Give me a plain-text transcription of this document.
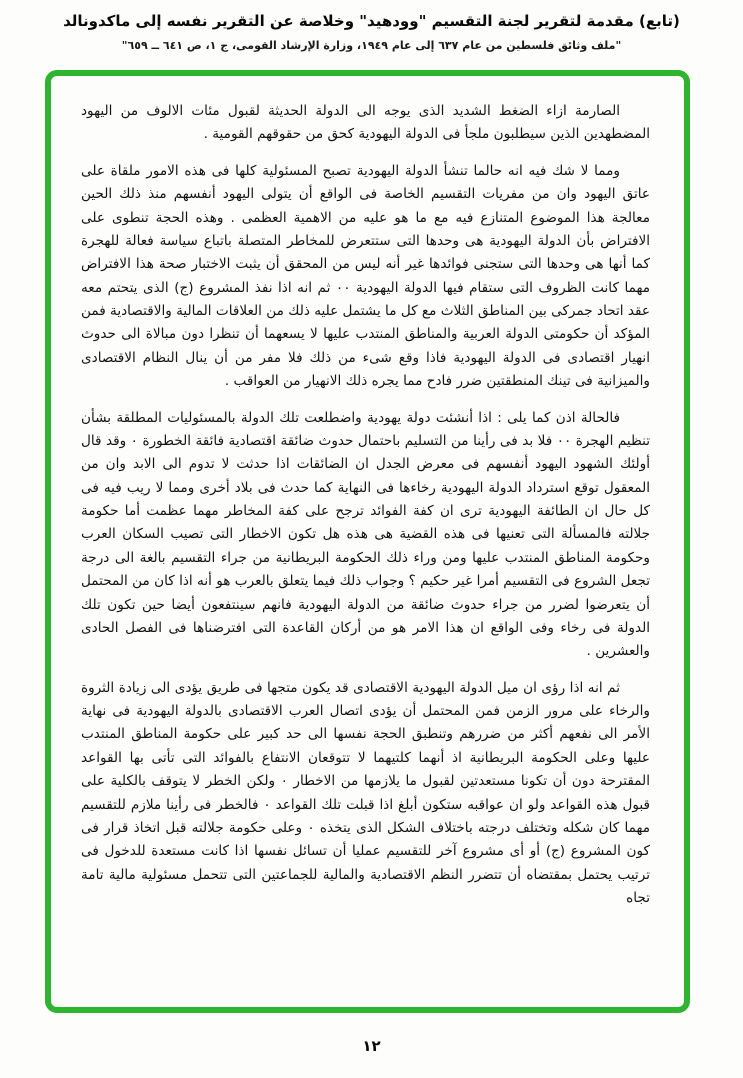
(تابع) مقدمة لتقرير لجنة التقسيم "وودهيد" وخلاصة عن التقرير نفسه إلى ماكدونالد
"ملف وثائق فلسطين من عام ٦٣٧ إلى عام ١٩٤٩، وزارة الإرشاد القومى، ج ١، ص ٦٤١ ــ ٦٥٩"

الصارمة ازاء الضغط الشديد الذى يوجه الى الدولة الحديثة لقبول مئات الالوف من اليهود المضطهدين الذين سيطلبون ملجأ فى الدولة اليهودية كحق من حقوقهم القومية .

ومما لا شك فيه انه حالما تنشأ الدولة اليهودية تصبح المسئولية كلها فى هذه الامور ملقاة على عاتق اليهود وان من مفريات التقسيم الخاصة فى الواقع أن يتولى اليهود أنفسهم منذ ذلك الحين معالجة هذا الموضوع المتنازع فيه مع ما هو عليه من الاهمية العظمى . وهذه الحجة تنطوى على الافتراض بأن الدولة اليهودية هى وحدها التى ستتعرض للمخاطر المتصلة باتباع سياسة فعالة للهجرة كما أنها هى وحدها التى ستجنى فوائدها غير أنه ليس من المحقق أن يثبت الاختبار صحة هذا الافتراض مهما كانت الظروف التى ستقام فيها الدولة اليهودية ٠٠ ثم انه اذا نفذ المشروع (ج) الذى يتحتم معه عقد اتحاد جمركى بين المناطق الثلاث مع كل ما يشتمل عليه ذلك من العلاقات المالية والاقتصادية فمن المؤكد أن حكومتى الدولة العربية والمناطق المنتدب عليها لا يسعهما أن تنظرا دون مبالاة الى حدوث انهيار اقتصادى فى الدولة اليهودية فاذا وقع شىء من ذلك فلا مفر من أن ينال النظام الاقتصادى والميزانية فى تينك المنطقتين ضرر فادح مما يجره ذلك الانهيار من العواقب .

فالحالة اذن كما يلى : اذا أنشئت دولة يهودية واضطلعت تلك الدولة بالمسئوليات المطلقة بشأن تنظيم الهجرة ٠٠ فلا بد فى رأينا من التسليم باحتمال حدوث ضائقة اقتصادية فائقة الخطورة ٠ وقد قال أولئك الشهود اليهود أنفسهم فى معرض الجدل ان الضائقات اذا حدثت لا تدوم الى الابد وان من المعقول توقع استرداد الدولة اليهودية رخاءها فى النهاية كما حدث فى بلاد أخرى ومما لا ريب فيه فى كل حال ان الطائفة اليهودية ترى ان كفة الفوائد ترجح على كفة المخاطر مهما عظمت أما حكومة جلالته فالمسألة التى تعنيها فى هذه القضية هى هذه هل تكون الاخطار التى تصيب السكان العرب وحكومة المناطق المنتدب عليها ومن وراء ذلك الحكومة البريطانية من جراء التقسيم بالغة الى درجة تجعل الشروع فى التقسيم أمرا غير حكيم ؟ وجواب ذلك فيما يتعلق بالعرب هو أنه اذا كان من المحتمل أن يتعرضوا لضرر من جراء حدوث ضائقة من الدولة اليهودية فانهم سينتفعون أيضا حين تكون تلك الدولة فى رخاء وفى الواقع ان هذا الامر هو من أركان القاعدة التى افترضناها فى الفصل الحادى والعشرين .

ثم انه اذا رؤى ان ميل الدولة اليهودية الاقتصادى قد يكون متجها فى طريق يؤدى الى زيادة الثروة والرخاء على مرور الزمن فمن المحتمل أن يؤدى اتصال العرب الاقتصادى بالدولة اليهودية فى نهاية الأمر الى نفعهم أكثر من ضررهم وتنطبق الحجة نفسها الى حد كبير على حكومة المناطق المنتدب عليها وعلى الحكومة البريطانية اذ أنهما كلتيهما لا تتوقعان الانتفاع بالفوائد التى تأتى بها القواعد المقترحة دون أن تكونا مستعدتين لقبول ما يلازمها من الاخطار ٠ ولكن الخطر لا يتوقف بالكلية على قبول هذه القواعد ولو ان عواقبه ستكون أبلغ اذا قبلت تلك القواعد ٠ فالخطر فى رأينا ملازم للتقسيم مهما كان شكله وتختلف درجته باختلاف الشكل الذى يتخذه ٠ وعلى حكومة جلالته قبل اتخاذ قرار فى كون المشروع (ج) أو أى مشروع آخر للتقسيم عمليا أن تسائل نفسها اذا كانت مستعدة للدخول فى ترتيب يحتمل بمقتضاه أن تتضرر النظم الاقتصادية والمالية للجماعتين التى تتحمل مسئولية مالية تامة تجاه

١٢
